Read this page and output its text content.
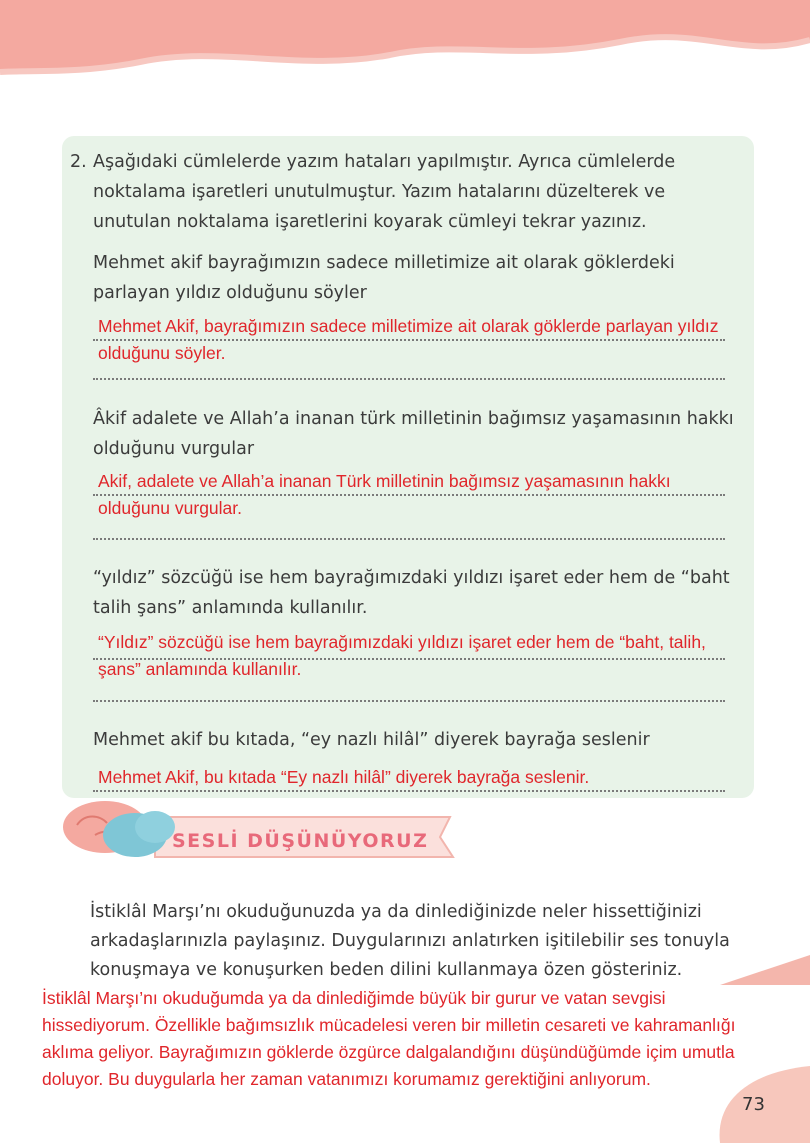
2. Aşağıdaki cümlelerde yazım hataları yapılmıştır. Ayrıca cümlelerde noktalama işaretleri unutulmuştur. Yazım hatalarını düzelterek ve unutulan noktalama işaretlerini koyarak cümleyi tekrar yazınız.
Mehmet akif bayrağımızın sadece milletimize ait olarak göklerdeki parlayan yıldız olduğunu söyler
Mehmet Akif, bayrağımızın sadece milletimize ait olarak göklerde parlayan yıldız olduğunu söyler.
Âkif adalete ve Allah’a inanan türk milletinin bağımsız yaşamasının hakkı olduğunu vurgular
Akif, adalete ve Allah’a inanan Türk milletinin bağımsız yaşamasının hakkı olduğunu vurgular.
“yıldız” sözcüğü ise hem bayrağımızdaki yıldızı işaret eder hem de “baht talih şans” anlamında kullanılır.
“Yıldız” sözcüğü ise hem bayrağımızdaki yıldızı işaret eder hem de “baht, talih, şans” anlamında kullanılır.
Mehmet akif bu kıtada, “ey nazlı hilâl” diyerek bayrağa seslenir
Mehmet Akif, bu kıtada “Ey nazlı hilâl” diyerek bayrağa seslenir.
SESLİ DÜŞÜNÜYORUZ
İstiklâl Marşı’nı okuduğunuzda ya da dinlediğinizde neler hissettiğinizi arkadaşlarınızla paylaşınız. Duygularınızı anlatırken işitilebilir ses tonuyla konuşmaya ve konuşurken beden dilini kullanmaya özen gösteriniz.
İstiklâl Marşı’nı okuduğumda ya da dinlediğimde büyük bir gurur ve vatan sevgisi hissediyorum. Özellikle bağımsızlık mücadelesi veren bir milletin cesareti ve kahramanlığı aklıma geliyor. Bayrağımızın göklerde özgürce dalgalandığını düşündüğümde içim umutla doluyor. Bu duygularla her zaman vatanımızı korumamız gerektiğini anlıyorum.
73
